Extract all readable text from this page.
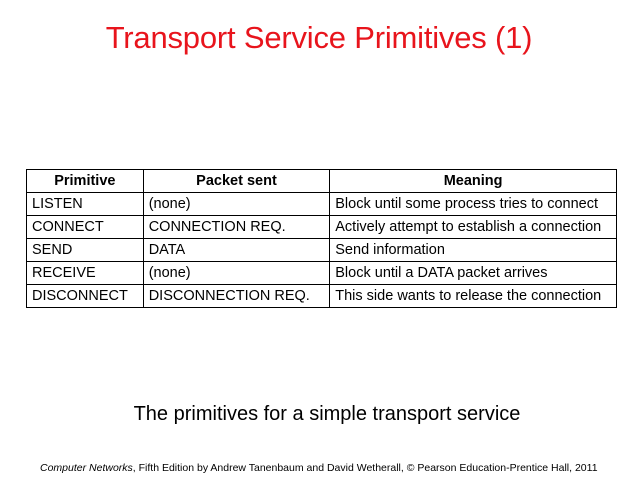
Transport Service Primitives (1)
Primitive	Packet sent	Meaning
LISTEN	(none)	Block until some process tries to connect
CONNECT	CONNECTION REQ.	Actively attempt to establish a connection
SEND	DATA	Send information
RECEIVE	(none)	Block until a DATA packet arrives
DISCONNECT	DISCONNECTION REQ.	This side wants to release the connection
The primitives for a simple transport service
Computer Networks, Fifth Edition by Andrew Tanenbaum and David Wetherall, © Pearson Education-Prentice Hall, 2011
